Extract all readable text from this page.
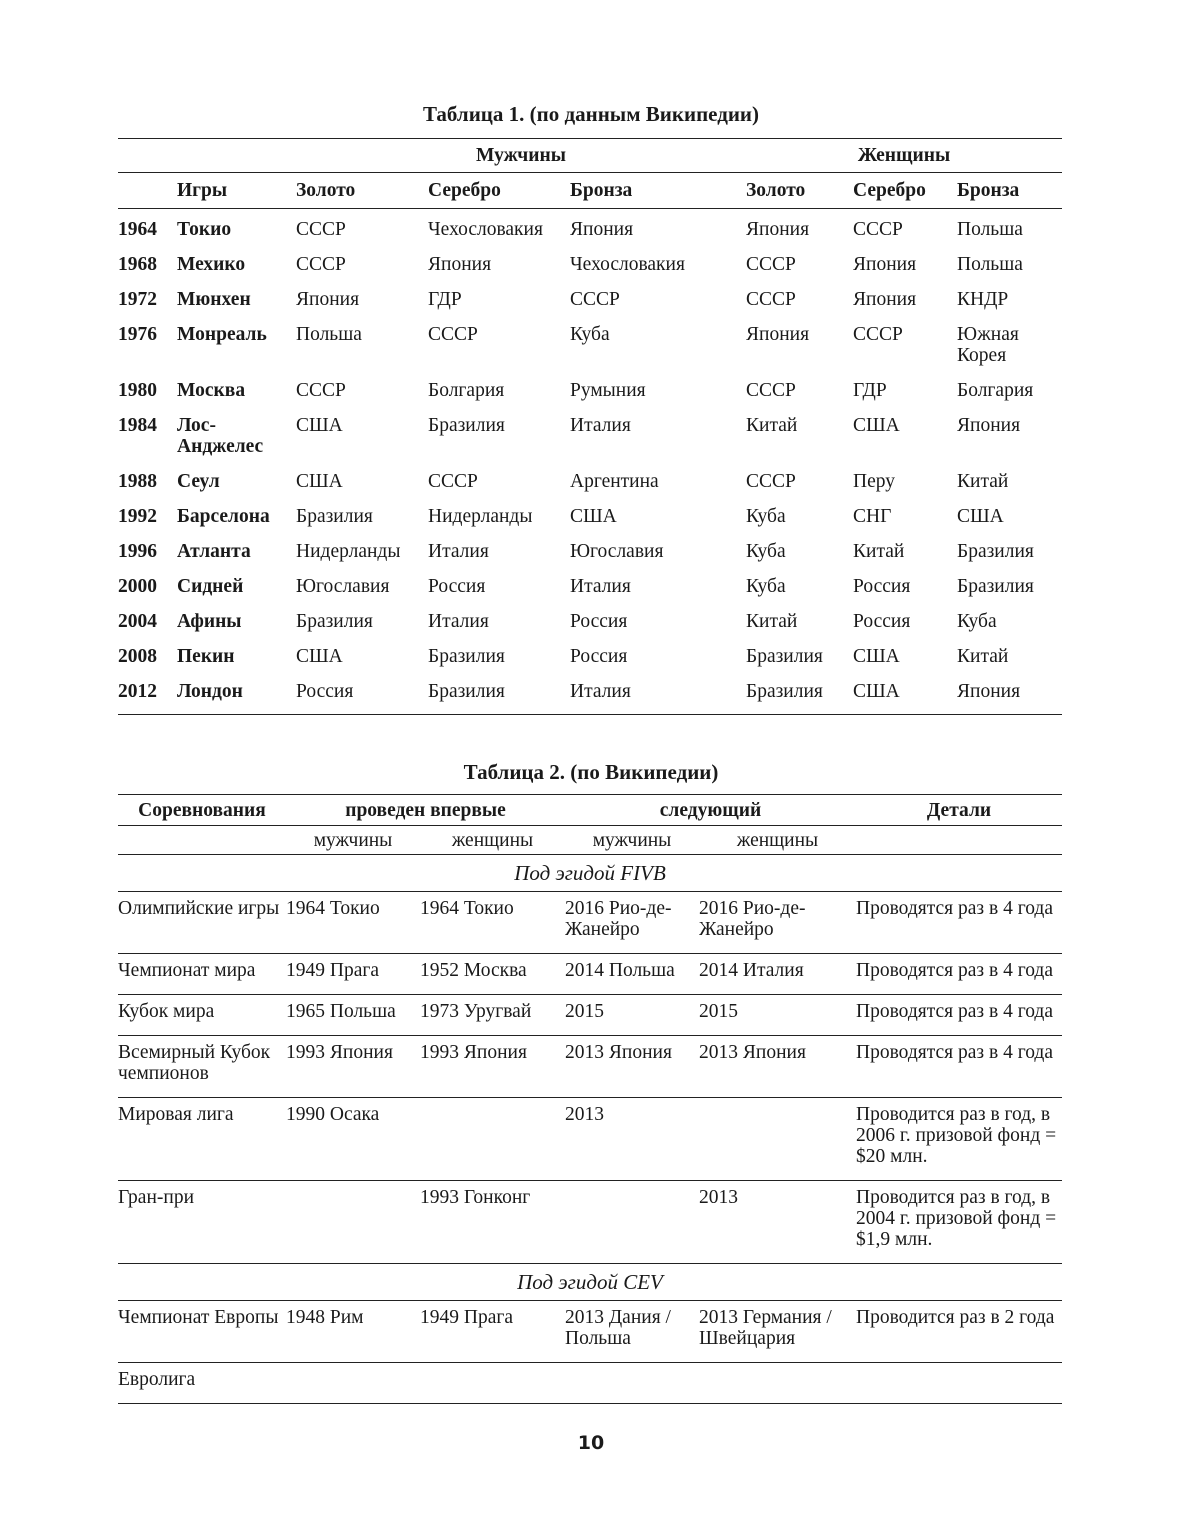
Таблица 1. (по данным Википедии)
		Мужчины			Женщины		
	Игры	Золото	Серебро	Бронза	Золото	Серебро	Бронза
1964	Токио	СССР	Чехословакия	Япония	Япония	СССР	Польша
1968	Мехико	СССР	Япония	Чехословакия	СССР	Япония	Польша
1972	Мюнхен	Япония	ГДР	СССР	СССР	Япония	КНДР
1976	Монреаль	Польша	СССР	Куба	Япония	СССР	Южная Корея
1980	Москва	СССР	Болгария	Румыния	СССР	ГДР	Болгария
1984	Лос-Анджелес	США	Бразилия	Италия	Китай	США	Япония
1988	Сеул	США	СССР	Аргентина	СССР	Перу	Китай
1992	Барселона	Бразилия	Нидерланды	США	Куба	СНГ	США
1996	Атланта	Нидерланды	Италия	Югославия	Куба	Китай	Бразилия
2000	Сидней	Югославия	Россия	Италия	Куба	Россия	Бразилия
2004	Афины	Бразилия	Италия	Россия	Китай	Россия	Куба
2008	Пекин	США	Бразилия	Россия	Бразилия	США	Китай
2012	Лондон	Россия	Бразилия	Италия	Бразилия	США	Япония
Таблица 2. (по Википедии)
Соревнования	проведен впервые		следующий		Детали
	мужчины	женщины	мужчины	женщины	
Под эгидой FIVB					
Олимпийские игры	1964 Токио	1964 Токио	2016 Рио-де-Жанейро	2016 Рио-де-Жанейро	Проводятся раз в 4 года
Чемпионат мира	1949 Прага	1952 Москва	2014 Польша	2014 Италия	Проводятся раз в 4 года
Кубок мира	1965 Польша	1973 Уругвай	2015	2015	Проводятся раз в 4 года
Всемирный Кубок чемпионов	1993 Япония	1993 Япония	2013 Япония	2013 Япония	Проводятся раз в 4 года
Мировая лига	1990 Осака		2013		Проводится раз в год, в 2006 г. призовой фонд = $20 млн.
Гран-при		1993 Гонконг		2013	Проводится раз в год, в 2004 г. призовой фонд = $1,9 млн.
Под эгидой CEV					
Чемпионат Европы	1948 Рим	1949 Прага	2013 Дания / Польша	2013 Германия / Швейцария	Проводится раз в 2 года
Евролига					
10
